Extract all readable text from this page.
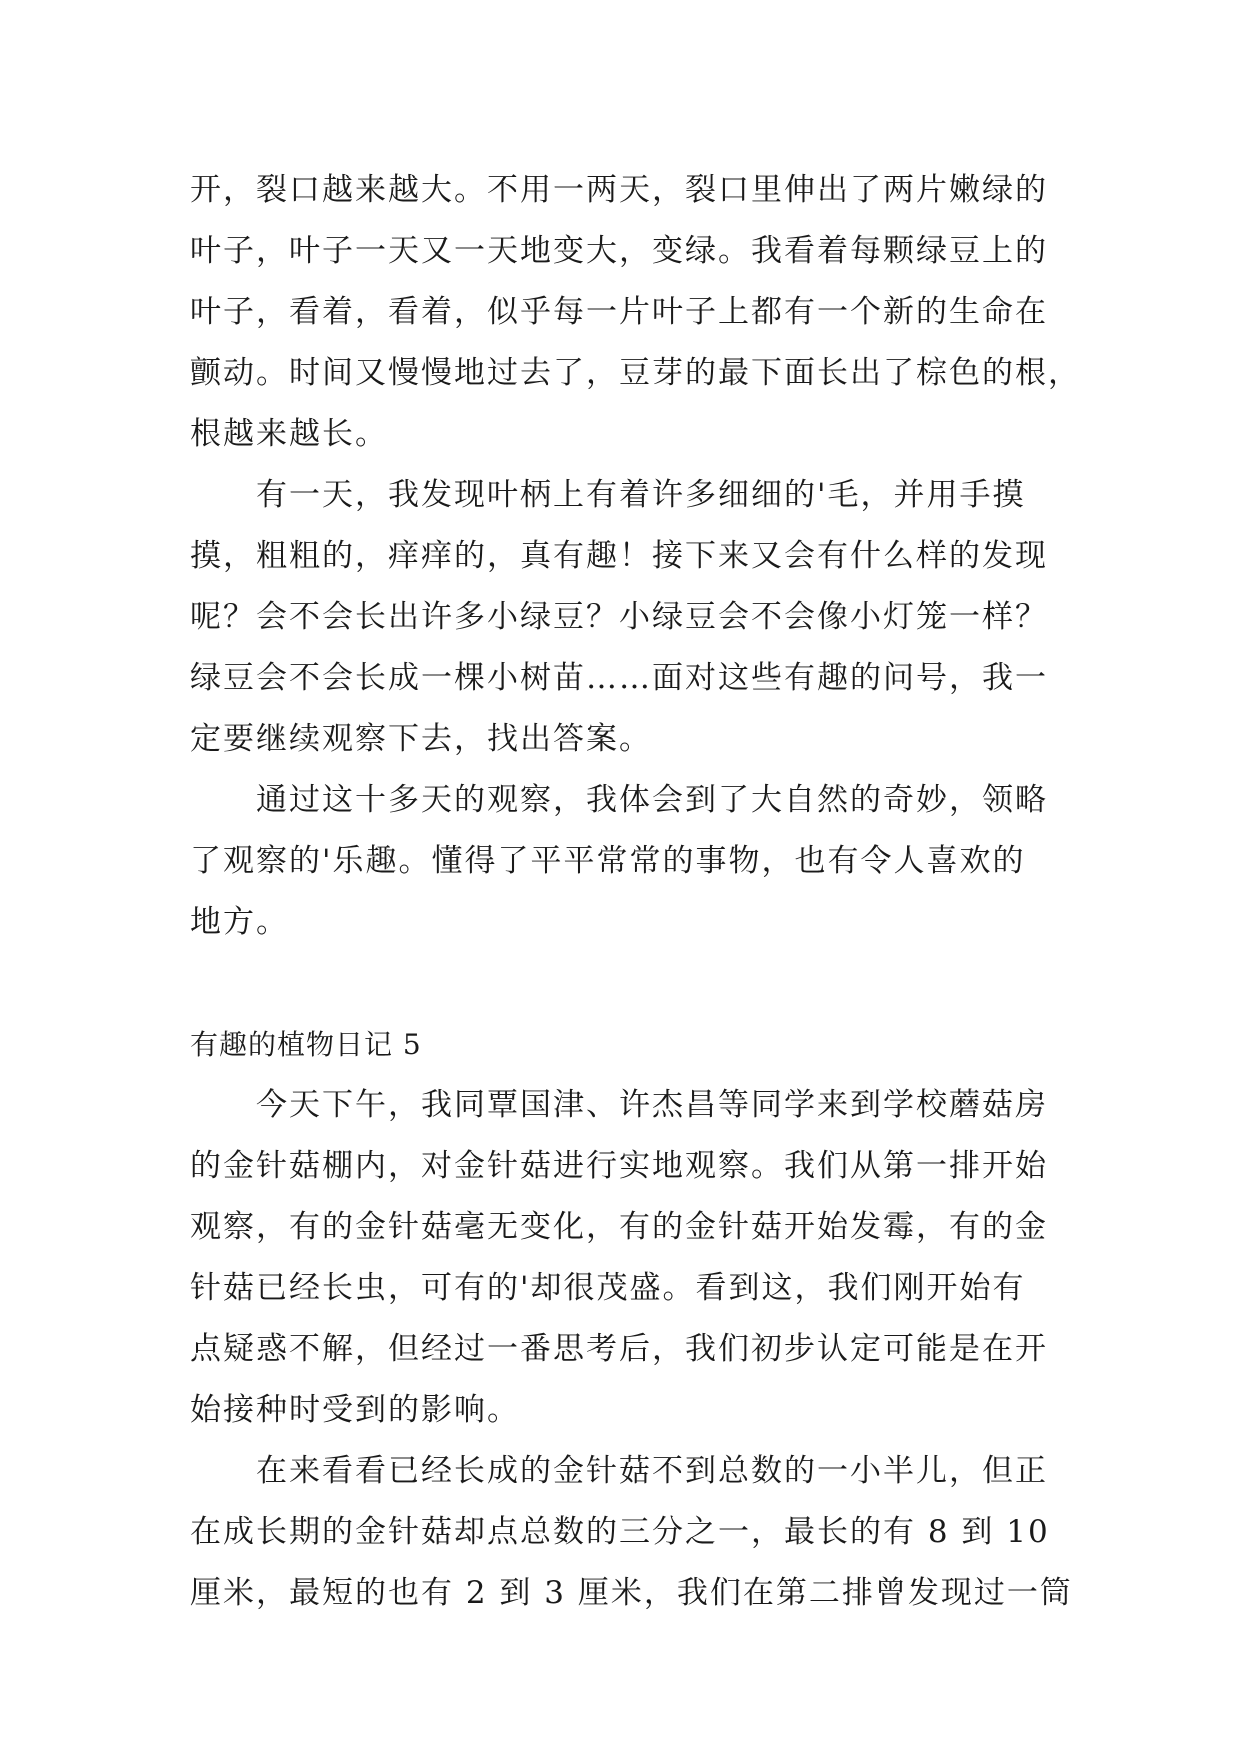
开，裂口越来越大。不用一两天，裂口里伸出了两片嫩绿的
叶子，叶子一天又一天地变大，变绿。我看着每颗绿豆上的
叶子，看着，看着，似乎每一片叶子上都有一个新的生命在
颤动。时间又慢慢地过去了，豆芽的最下面长出了棕色的根，
根越来越长。
有一天，我发现叶柄上有着许多细细的'毛，并用手摸
摸，粗粗的，痒痒的，真有趣！接下来又会有什么样的发现
呢？会不会长出许多小绿豆？小绿豆会不会像小灯笼一样？
绿豆会不会长成一棵小树苗……面对这些有趣的问号，我一
定要继续观察下去，找出答案。
通过这十多天的观察，我体会到了大自然的奇妙，领略
了观察的'乐趣。懂得了平平常常的事物，也有令人喜欢的
地方。
有趣的植物日记 5
今天下午，我同覃国津、许杰昌等同学来到学校蘑菇房
的金针菇棚内，对金针菇进行实地观察。我们从第一排开始
观察，有的金针菇毫无变化，有的金针菇开始发霉，有的金
针菇已经长虫，可有的'却很茂盛。看到这，我们刚开始有
点疑惑不解，但经过一番思考后，我们初步认定可能是在开
始接种时受到的影响。
在来看看已经长成的金针菇不到总数的一小半儿，但正
在成长期的金针菇却点总数的三分之一，最长的有 8 到 10
厘米，最短的也有 2 到 3 厘米，我们在第二排曾发现过一筒
